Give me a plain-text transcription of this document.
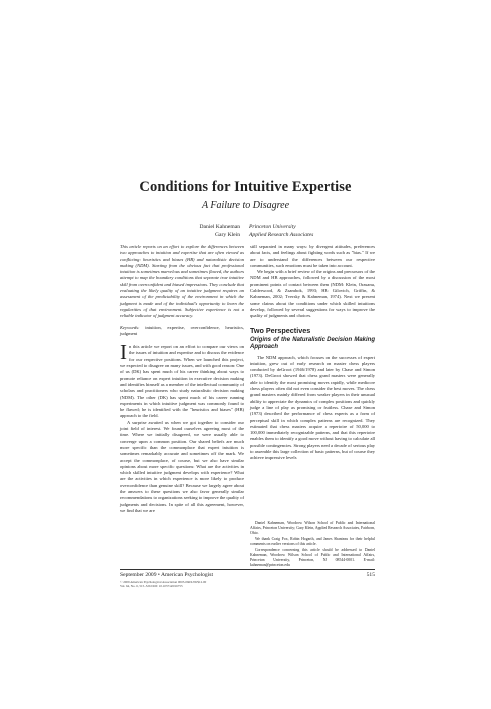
Conditions for Intuitive Expertise
A Failure to Disagree
Daniel Kahneman
Gary Klein
Princeton University
Applied Research Associates
This article reports on an effort to explore the differences between two approaches to intuition and expertise that are often viewed as conflicting: heuristics and biases (HB) and naturalistic decision making (NDM). Starting from the obvious fact that professional intuition is sometimes marvelous and sometimes flawed, the authors attempt to map the boundary conditions that separate true intuitive skill from overconfident and biased impressions. They conclude that evaluating the likely quality of an intuitive judgment requires an assessment of the predictability of the environment in which the judgment is made and of the individual's opportunity to learn the regularities of that environment. Subjective experience is not a reliable indicator of judgment accuracy.
Keywords: intuition, expertise, overconfidence, heuristics, judgment

In this article we report on an effort to compare our views on the issues of intuition and expertise and to discuss the evidence for our respective positions. When we launched this project, we expected to disagree on many issues, and with good reason: One of us (DK) has spent much of his career thinking about ways to promote reliance on expert intuition in executive decision making and identifies himself as a member of the intellectual community of scholars and practitioners who study naturalistic decision making (NDM). The other (DK) has spent much of his career running experiments in which intuitive judgment was commonly found to be flawed; he is identified with the "heuristics and biases" (HB) approach to the field.

A surprise awaited us when we got together to consider our joint field of interest. We found ourselves agreeing most of the time. Where we initially disagreed, we were usually able to converge upon a common position. Our shared beliefs are much more specific than the commonplace that expert intuition is sometimes remarkably accurate and sometimes off the mark. We accept the commonplace, of course, but we also have similar opinions about more specific questions: What are the activities in which skilled intuitive judgment develops with experience? What are the activities in which experience is more likely to produce overconfidence than genuine skill? Because we largely agree about the answers to these questions we also favor generally similar recommendations to organizations seeking to improve the quality of judgments and decisions. In spite of all this agreement, however, we find that we are

still separated in many ways: by divergent attitudes, preferences about facts, and feelings about fighting words such as "bias." If we are to understand the differences between our respective communities, such emotions must be taken into account.

We begin with a brief review of the origins and precursors of the NDM and HB approaches, followed by a discussion of the most prominent points of contact between them (NDM: Klein, Orasanu, Calderwood, & Zsambok, 1993; HB: Gilovich, Griffin, & Kahneman, 2002; Tversky & Kahneman, 1974). Next we present some claims about the conditions under which skilled intuitions develop, followed by several suggestions for ways to improve the quality of judgments and choices.

Two Perspectives
Origins of the Naturalistic Decision Making Approach

The NDM approach, which focuses on the successes of expert intuition, grew out of early research on master chess players conducted by deGroot (1946/1978) and later by Chase and Simon (1973). DeGroot showed that chess grand masters were generally able to identify the most promising moves rapidly, while mediocre chess players often did not even consider the best moves. The chess grand masters mainly differed from weaker players in their unusual ability to appreciate the dynamics of complex positions and quickly judge a line of play as promising or fruitless. Chase and Simon (1973) described the performance of chess experts as a form of perceptual skill in which complex patterns are recognized. They estimated that chess masters acquire a repertoire of 50,000 to 100,000 immediately recognizable patterns, and that this repertoire enables them to identify a good move without having to calculate all possible contingencies. Strong players need a decade of serious play to assemble this large collection of basic patterns, but of course they achieve impressive levels

Daniel Kahneman, Woodrow Wilson School of Public and International Affairs, Princeton University; Gary Klein, Applied Research Associates, Fairborn, Ohio.

We thank Craig Fox, Robin Hogarth, and James Shanteau for their helpful comments on earlier versions of this article.

Correspondence concerning this article should be addressed to Daniel Kahneman, Woodrow Wilson School of Public and International Affairs, Princeton University, Princeton, NJ 08544-0001. E-mail: kahneman@princeton.edu

September 2009 • American Psychologist	515
© 2009 American Psychological Association 0003-066X/09/$12.00
Vol. 64, No. 6, 515–526 DOI: 10.1037/a0016755
